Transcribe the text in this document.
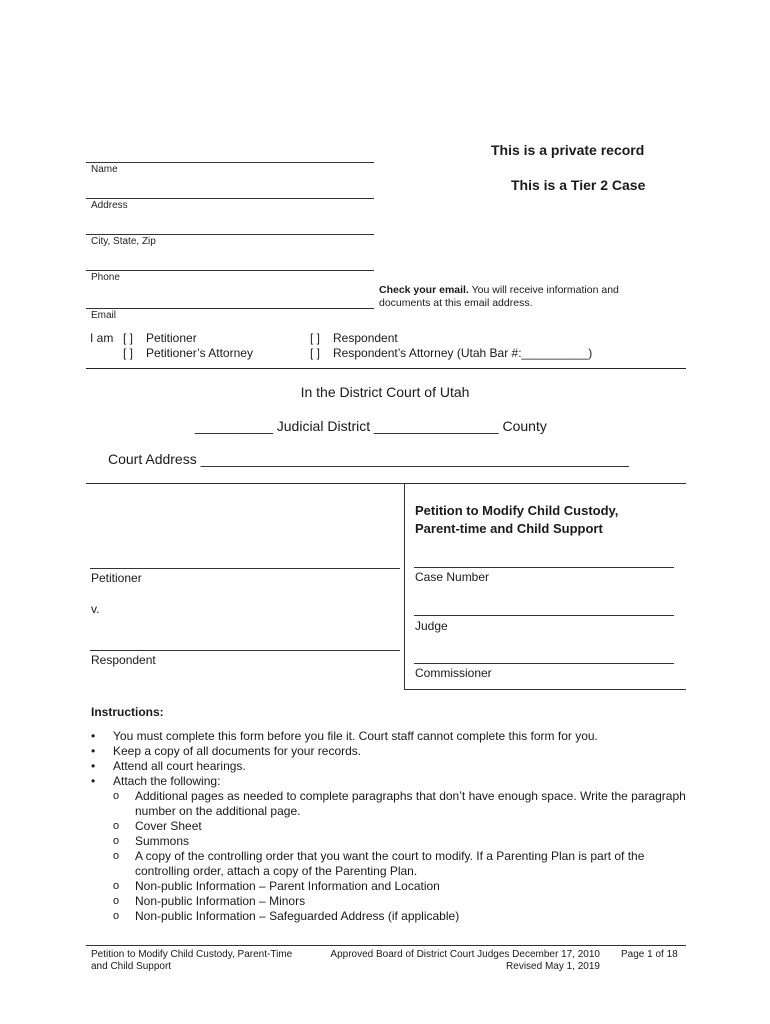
This is a private record
This is a Tier 2 Case
Name
Address
City, State, Zip
Phone
Email
Check your email. You will receive information and
documents at this email address.
I am [ ] Petitioner
[ ] Petitioner’s Attorney
[ ] Respondent
[ ] Respondent’s Attorney (Utah Bar #:__________)
In the District Court of Utah
__________ Judicial District ________________ County
Court Address _______________________________________________________
Petition to Modify Child Custody,
Parent-time and Child Support
Petitioner
v.
Respondent
Case Number
Judge
Commissioner
Instructions:
• You must complete this form before you file it. Court staff cannot complete this form for you.
• Keep a copy of all documents for your records.
• Attend all court hearings.
• Attach the following:
o Additional pages as needed to complete paragraphs that don’t have enough space. Write the paragraph number on the additional page.
o Cover Sheet
o Summons
o A copy of the controlling order that you want the court to modify. If a Parenting Plan is part of the controlling order, attach a copy of the Parenting Plan.
o Non-public Information – Parent Information and Location
o Non-public Information – Minors
o Non-public Information – Safeguarded Address (if applicable)
Petition to Modify Child Custody, Parent-Time
and Child Support
Approved Board of District Court Judges December 17, 2010
Revised May 1, 2019
Page 1 of 18
